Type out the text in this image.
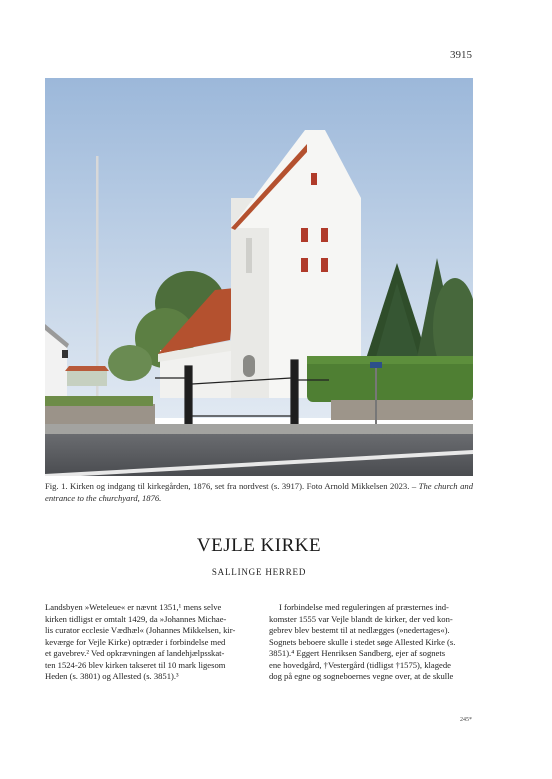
3915
Fig. 1. Kirken og indgang til kirkegården, 1876, set fra nordvest (s. 3917). Foto Arnold Mikkelsen 2023. – The church and entrance to the churchyard, 1876.
VEJLE KIRKE
SALLINGE HERRED
Landsbyen »Weteleue« er nævnt 1351,¹ mens selve
kirken tidligst er omtalt 1429, da »Johannes Michae-
lis curator ecclesie Vædhæl« (Johannes Mikkelsen, kir-
keværge for Vejle Kirke) optræder i forbindelse med
et gavebrev.² Ved opkrævningen af landehjælpsskat-
ten 1524-26 blev kirken takseret til 10 mark ligesom
Heden (s. 3801) og Allested (s. 3851).³
I forbindelse med reguleringen af præsternes ind-
komster 1555 var Vejle blandt de kirker, der ved kon-
gebrev blev bestemt til at nedlægges (»nedertages«).
Sognets beboere skulle i stedet søge Allested Kirke (s.
3851).⁴ Eggert Henriksen Sandberg, ejer af sognets
ene hovedgård, †Vestergård (tidligst †1575), klagede
dog på egne og sogneboernes vegne over, at de skulle
245*
